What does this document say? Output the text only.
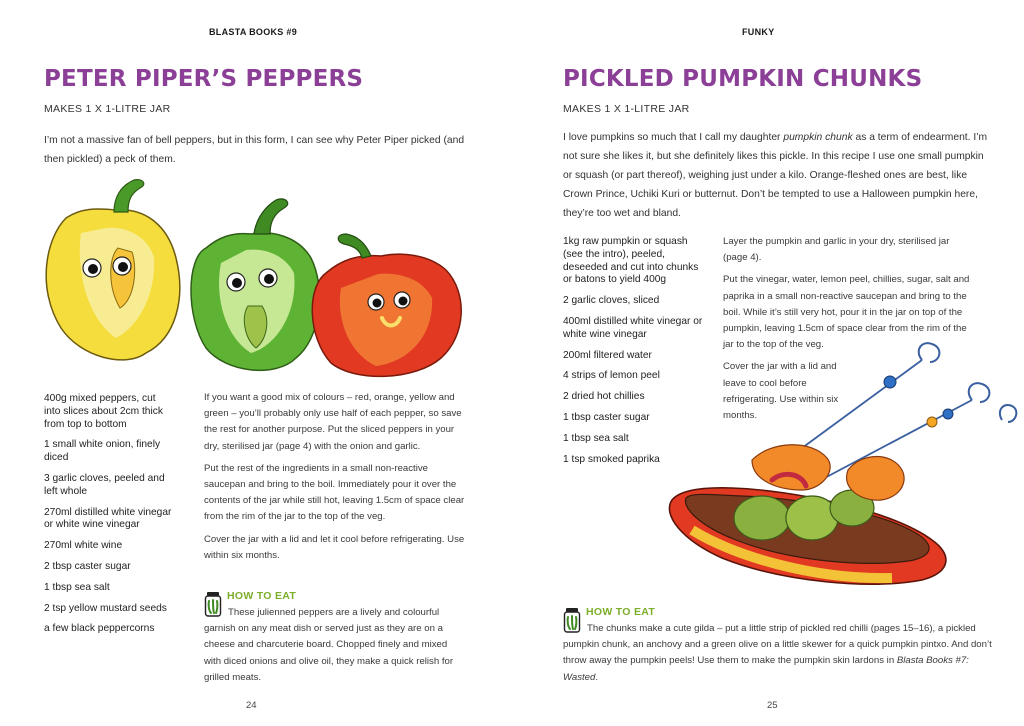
BLASTA BOOKS #9
PETER PIPER’S PEPPERS
MAKES 1 X 1-LITRE JAR

I’m not a massive fan of bell peppers, but in this form, I can see why Peter Piper picked (and then pickled) a peck of them.

400g mixed peppers, cut into slices about 2cm thick from top to bottom
1 small white onion, finely diced
3 garlic cloves, peeled and left whole
270ml distilled white vinegar or white wine vinegar
270ml white wine
2 tbsp caster sugar
1 tbsp sea salt
2 tsp yellow mustard seeds
a few black peppercorns

If you want a good mix of colours – red, orange, yellow and green – you’ll probably only use half of each pepper, so save the rest for another purpose. Put the sliced peppers in your dry, sterilised jar (page 4) with the onion and garlic.

Put the rest of the ingredients in a small non-reactive saucepan and bring to the boil. Immediately pour it over the contents of the jar while still hot, leaving 1.5cm of space clear from the rim of the jar to the top of the veg.

Cover the jar with a lid and let it cool before refrigerating. Use within six months.

HOW TO EAT

These julienned peppers are a lively and colourful garnish on any meat dish or served just as they are on a cheese and charcuterie board. Chopped finely and mixed with diced onions and olive oil, they make a quick relish for grilled meats.

24
FUNKY
PICKLED PUMPKIN CHUNKS
MAKES 1 X 1-LITRE JAR

I love pumpkins so much that I call my daughter pumpkin chunk as a term of endearment. I’m not sure she likes it, but she definitely likes this pickle. In this recipe I use one small pumpkin or squash (or part thereof), weighing just under a kilo. Orange-fleshed ones are best, like Crown Prince, Uchiki Kuri or butternut. Don’t be tempted to use a Halloween pumpkin here, they’re too wet and bland.

1kg raw pumpkin or squash (see the intro), peeled, deseeded and cut into chunks or batons to yield 400g
2 garlic cloves, sliced
400ml distilled white vinegar or white wine vinegar
200ml filtered water
4 strips of lemon peel
2 dried hot chillies
1 tbsp caster sugar
1 tbsp sea salt
1 tsp smoked paprika

Layer the pumpkin and garlic in your dry, sterilised jar (page 4).

Put the vinegar, water, lemon peel, chillies, sugar, salt and paprika in a small non-reactive saucepan and bring to the boil. While it’s still very hot, pour it in the jar on top of the pumpkin, leaving 1.5cm of space clear from the rim of the jar to the top of the veg.

Cover the jar with a lid and leave to cool before refrigerating. Use within six months.

HOW TO EAT

The chunks make a cute gilda – put a little strip of pickled red chilli (pages 15–16), a pickled pumpkin chunk, an anchovy and a green olive on a little skewer for a quick pumpkin pintxo. And don’t throw away the pumpkin peels! Use them to make the pumpkin skin lardons in Blasta Books #7: Wasted.

25
